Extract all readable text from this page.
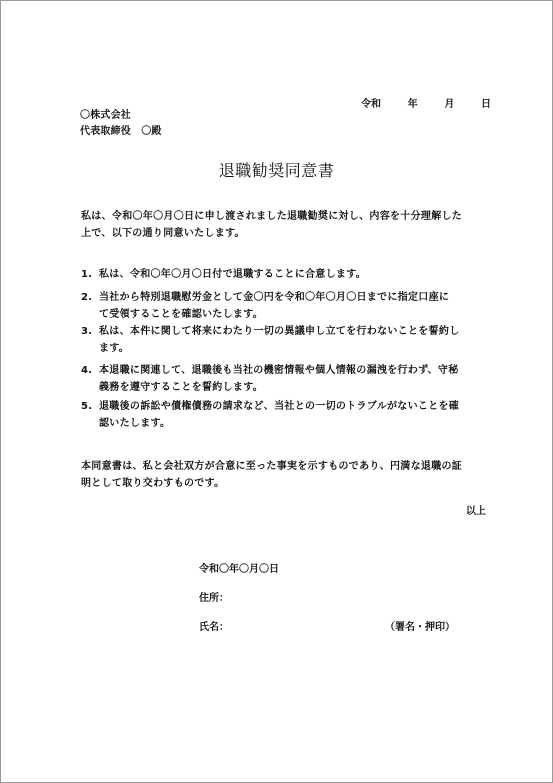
令和	年	月	日
〇株式会社
代表取締役　〇殿
退職勧奨同意書
私は、令和〇年〇月〇日に申し渡されました退職勧奨に対し、内容を十分理解した
上で、以下の通り同意いたします。
1. 私は、令和〇年〇月〇日付で退職することに合意します。
2. 当社から特別退職慰労金として金〇円を令和〇年〇月〇日までに指定口座に
て受領することを確認いたします。
3. 私は、本件に関して将来にわたり一切の異議申し立てを行わないことを誓約し
ます。
4. 本退職に関連して、退職後も当社の機密情報や個人情報の漏洩を行わず、守秘
義務を遵守することを誓約します。
5. 退職後の訴訟や債権債務の請求など、当社との一切のトラブルがないことを確
認いたします。
本同意書は、私と会社双方が合意に至った事実を示すものであり、円満な退職の証
明として取り交わすものです。
以上
令和〇年〇月〇日
住所：
氏名：	（署名・押印）
